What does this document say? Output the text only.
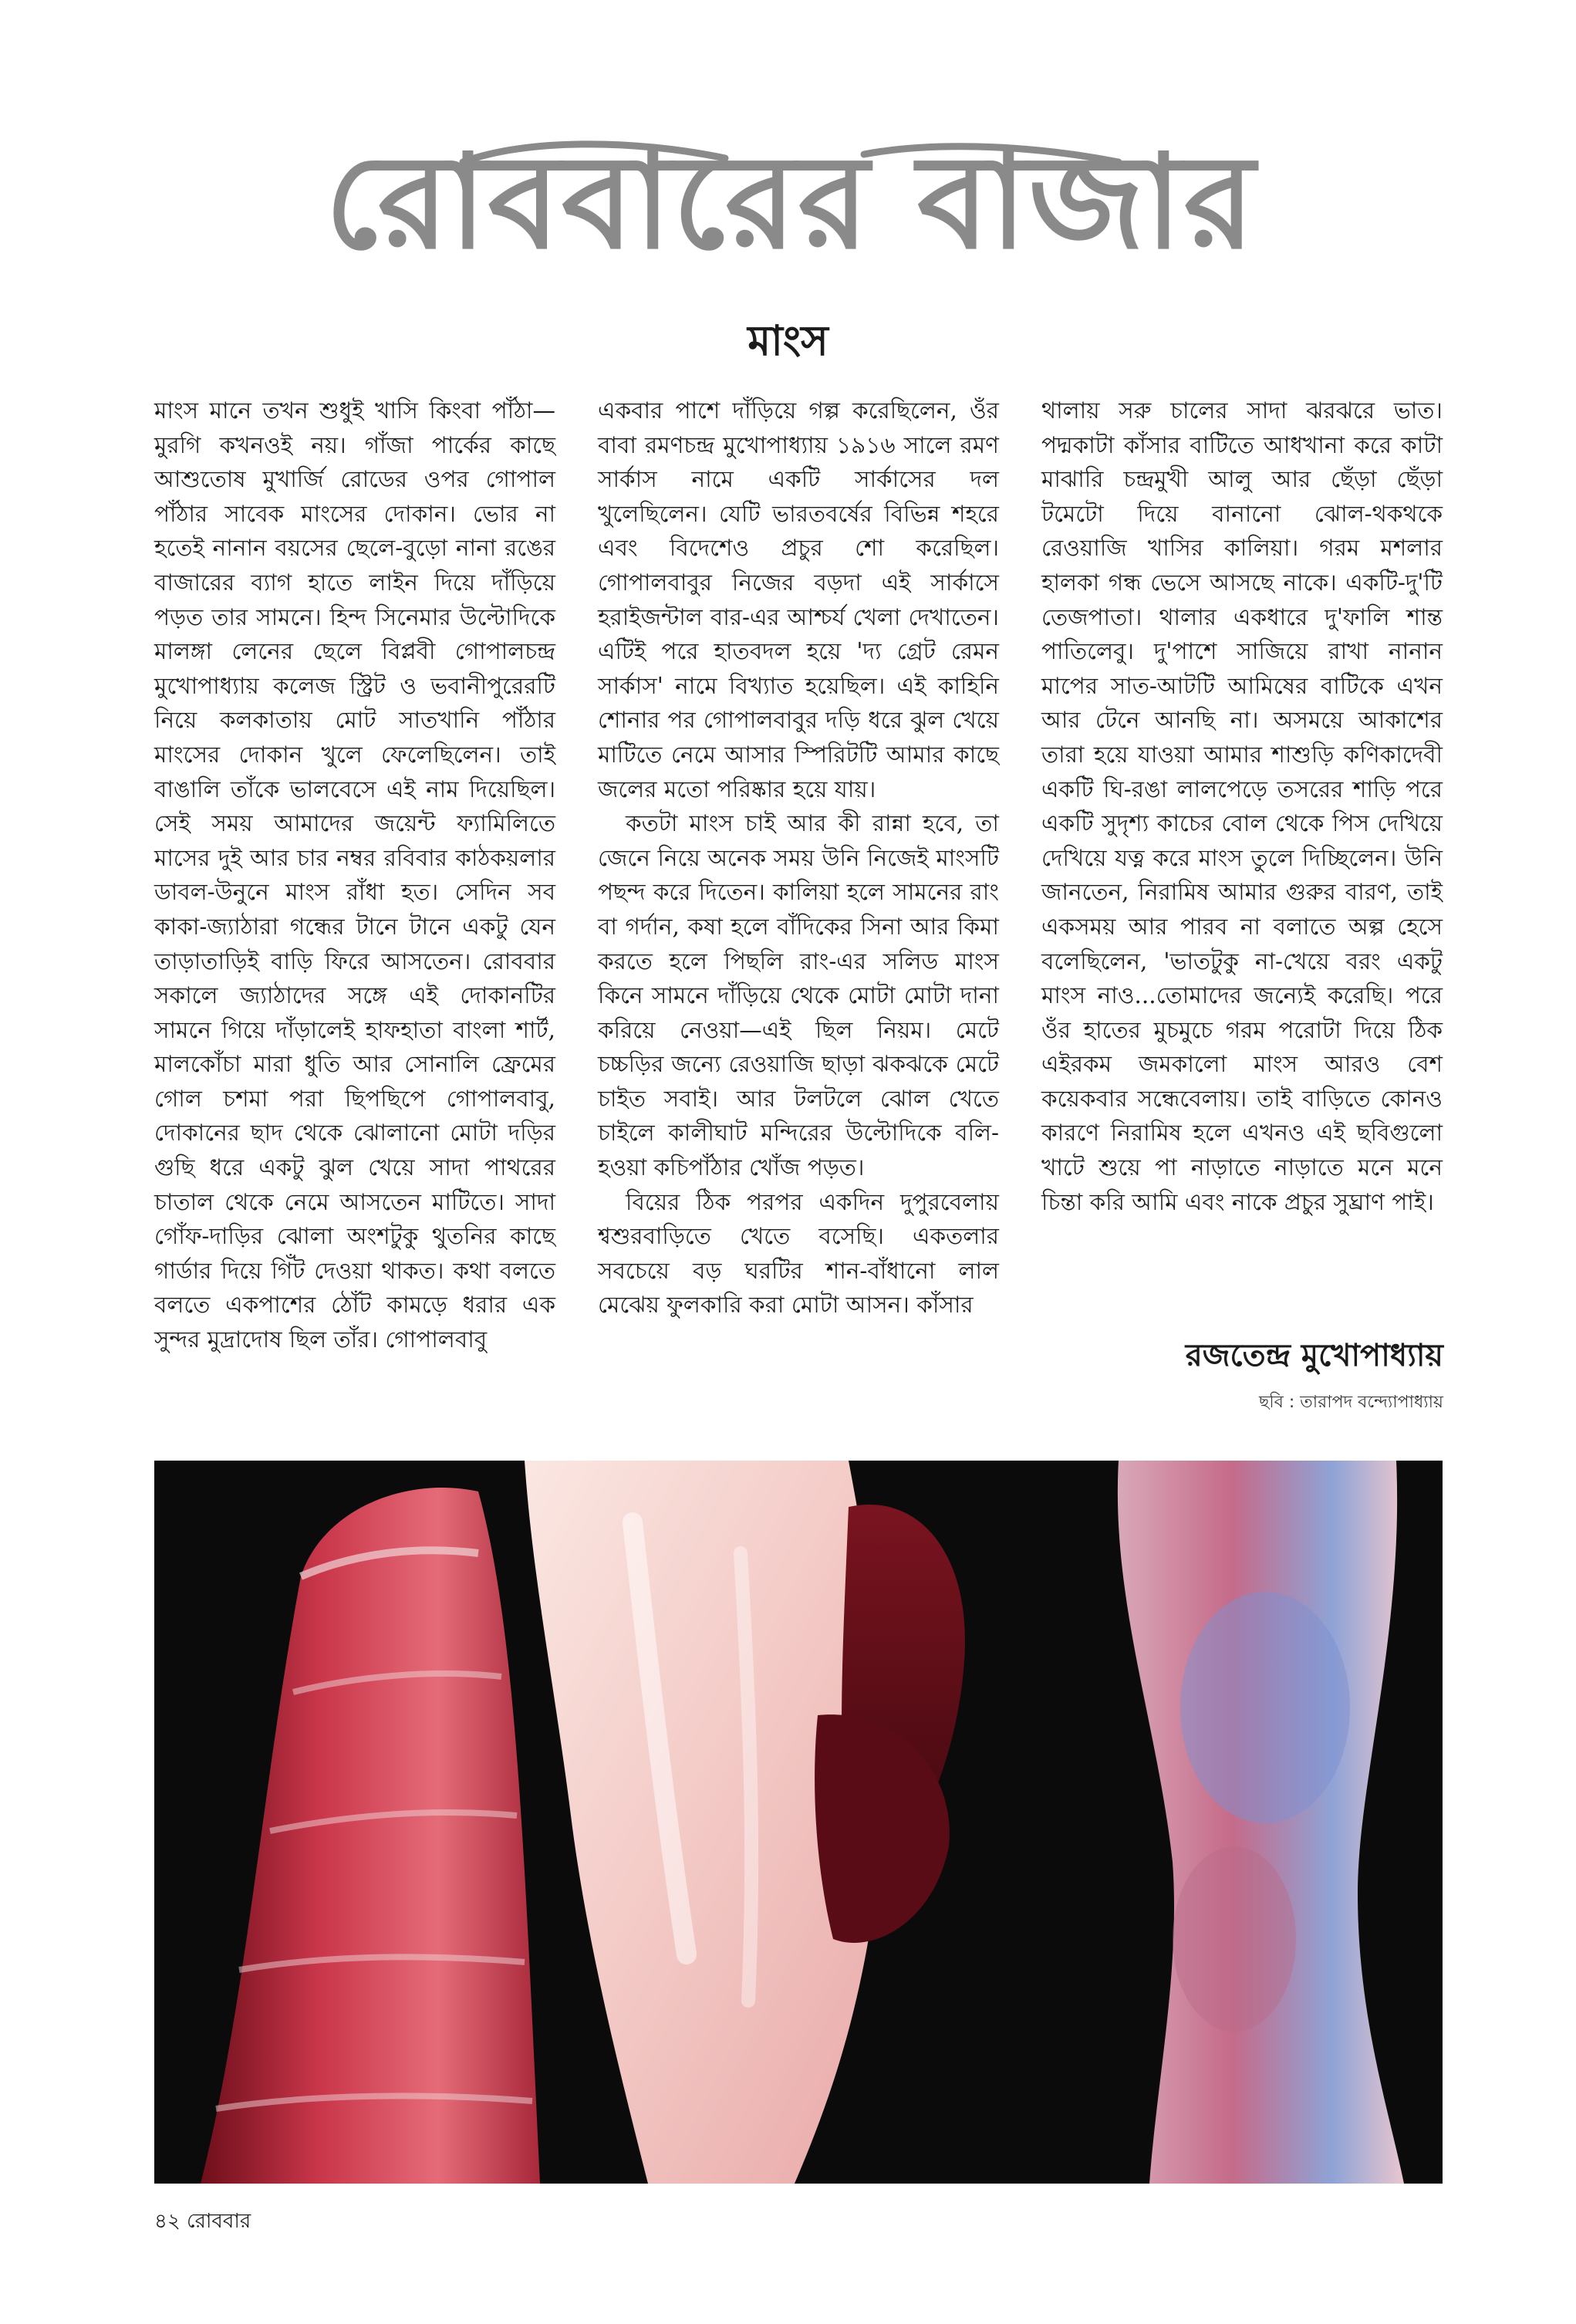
রোববারের বাজার
মাংস

মাংস মানে তখন শুধুই খাসি কিংবা পাঁঠা—মুরগি কখনওই নয়। গাঁজা পার্কের কাছে আশুতোষ মুখার্জি রোডের ওপর গোপাল পাঁঠার সাবেক মাংসের দোকান। ভোর না হতেই নানান বয়সের ছেলে-বুড়ো নানা রঙের বাজারের ব্যাগ হাতে লাইন দিয়ে দাঁড়িয়ে পড়ত তার সামনে। হিন্দ সিনেমার উল্টোদিকে মালঙ্গা লেনের ছেলে বিপ্লবী গোপালচন্দ্র মুখোপাধ্যায় কলেজ স্ট্রিট ও ভবানীপুরেরটি নিয়ে কলকাতায় মোট সাতখানি পাঁঠার মাংসের দোকান খুলে ফেলেছিলেন। তাই বাঙালি তাঁকে ভালবেসে এই নাম দিয়েছিল। সেই সময় আমাদের জয়েন্ট ফ্যামিলিতে মাসের দুই আর চার নম্বর রবিবার কাঠকয়লার ডাবল-উনুনে মাংস রাঁধা হত। সেদিন সব কাকা-জ্যাঠারা গন্ধের টানে টানে একটু যেন তাড়াতাড়িই বাড়ি ফিরে আসতেন। রোববার সকালে জ্যাঠাদের সঙ্গে এই দোকানটির সামনে গিয়ে দাঁড়ালেই হাফহাতা বাংলা শার্ট, মালকোঁচা মারা ধুতি আর সোনালি ফ্রেমের গোল চশমা পরা ছিপছিপে গোপালবাবু, দোকানের ছাদ থেকে ঝোলানো মোটা দড়ির গুছি ধরে একটু ঝুল খেয়ে সাদা পাথরের চাতাল থেকে নেমে আসতেন মাটিতে। সাদা গোঁফ-দাড়ির ঝোলা অংশটুকু থুতনির কাছে গার্ডার দিয়ে গিঁট দেওয়া থাকত। কথা বলতে বলতে একপাশের ঠোঁট কামড়ে ধরার এক সুন্দর মুদ্রাদোষ ছিল তাঁর। গোপালবাবু

একবার পাশে দাঁড়িয়ে গল্প করেছিলেন, ওঁর বাবা রমণচন্দ্র মুখোপাধ্যায় ১৯১৬ সালে রমণ সার্কাস নামে একটি সার্কাসের দল খুলেছিলেন। যেটি ভারতবর্ষের বিভিন্ন শহরে এবং বিদেশেও প্রচুর শো করেছিল। গোপালবাবুর নিজের বড়দা এই সার্কাসে হরাইজন্টাল বার-এর আশ্চর্য খেলা দেখাতেন। এটিই পরে হাতবদল হয়ে 'দ্য গ্রেট রেমন সার্কাস' নামে বিখ্যাত হয়েছিল। এই কাহিনি শোনার পর গোপালবাবুর দড়ি ধরে ঝুল খেয়ে মাটিতে নেমে আসার স্পিরিটটি আমার কাছে জলের মতো পরিষ্কার হয়ে যায়।

কতটা মাংস চাই আর কী রান্না হবে, তা জেনে নিয়ে অনেক সময় উনি নিজেই মাংসটি পছন্দ করে দিতেন। কালিয়া হলে সামনের রাং বা গর্দান, কষা হলে বাঁদিকের সিনা আর কিমা করতে হলে পিছলি রাং-এর সলিড মাংস কিনে সামনে দাঁড়িয়ে থেকে মোটা মোটা দানা করিয়ে নেওয়া—এই ছিল নিয়ম। মেটে চচ্চড়ির জন্যে রেওয়াজি ছাড়া ঝকঝকে মেটে চাইত সবাই। আর টলটলে ঝোল খেতে চাইলে কালীঘাট মন্দিরের উল্টোদিকে বলি-হওয়া কচিপাঁঠার খোঁজ পড়ত।

বিয়ের ঠিক পরপর একদিন দুপুরবেলায় শ্বশুরবাড়িতে খেতে বসেছি। একতলার সবচেয়ে বড় ঘরটির শান-বাঁধানো লাল মেঝেয় ফুলকারি করা মোটা আসন। কাঁসার

থালায় সরু চালের সাদা ঝরঝরে ভাত। পদ্মকাটা কাঁসার বাটিতে আধখানা করে কাটা মাঝারি চন্দ্রমুখী আলু আর ছেঁড়া ছেঁড়া টমেটো দিয়ে বানানো ঝোল-থকথকে রেওয়াজি খাসির কালিয়া। গরম মশলার হালকা গন্ধ ভেসে আসছে নাকে। একটি-দু'টি তেজপাতা। থালার একধারে দু'ফালি শান্ত পাতিলেবু। দু'পাশে সাজিয়ে রাখা নানান মাপের সাত-আটটি আমিষের বাটিকে এখন আর টেনে আনছি না। অসময়ে আকাশের তারা হয়ে যাওয়া আমার শাশুড়ি কণিকাদেবী একটি ঘি-রঙা লালপেড়ে তসরের শাড়ি পরে একটি সুদৃশ্য কাচের বোল থেকে পিস দেখিয়ে দেখিয়ে যত্ন করে মাংস তুলে দিচ্ছিলেন। উনি জানতেন, নিরামিষ আমার গুরুর বারণ, তাই একসময় আর পারব না বলাতে অল্প হেসে বলেছিলেন, 'ভাতটুকু না-খেয়ে বরং একটু মাংস নাও...তোমাদের জন্যেই করেছি। পরে ওঁর হাতের মুচমুচে গরম পরোটা দিয়ে ঠিক এইরকম জমকালো মাংস আরও বেশ কয়েকবার সন্ধেবেলায়। তাই বাড়িতে কোনও কারণে নিরামিষ হলে এখনও এই ছবিগুলো খাটে শুয়ে পা নাড়াতে নাড়াতে মনে মনে চিন্তা করি আমি এবং নাকে প্রচুর সুঘ্রাণ পাই।

রজতেন্দ্র মুখোপাধ্যায়
ছবি : তারাপদ বন্দ্যোপাধ্যায়
৪২ রোববার
